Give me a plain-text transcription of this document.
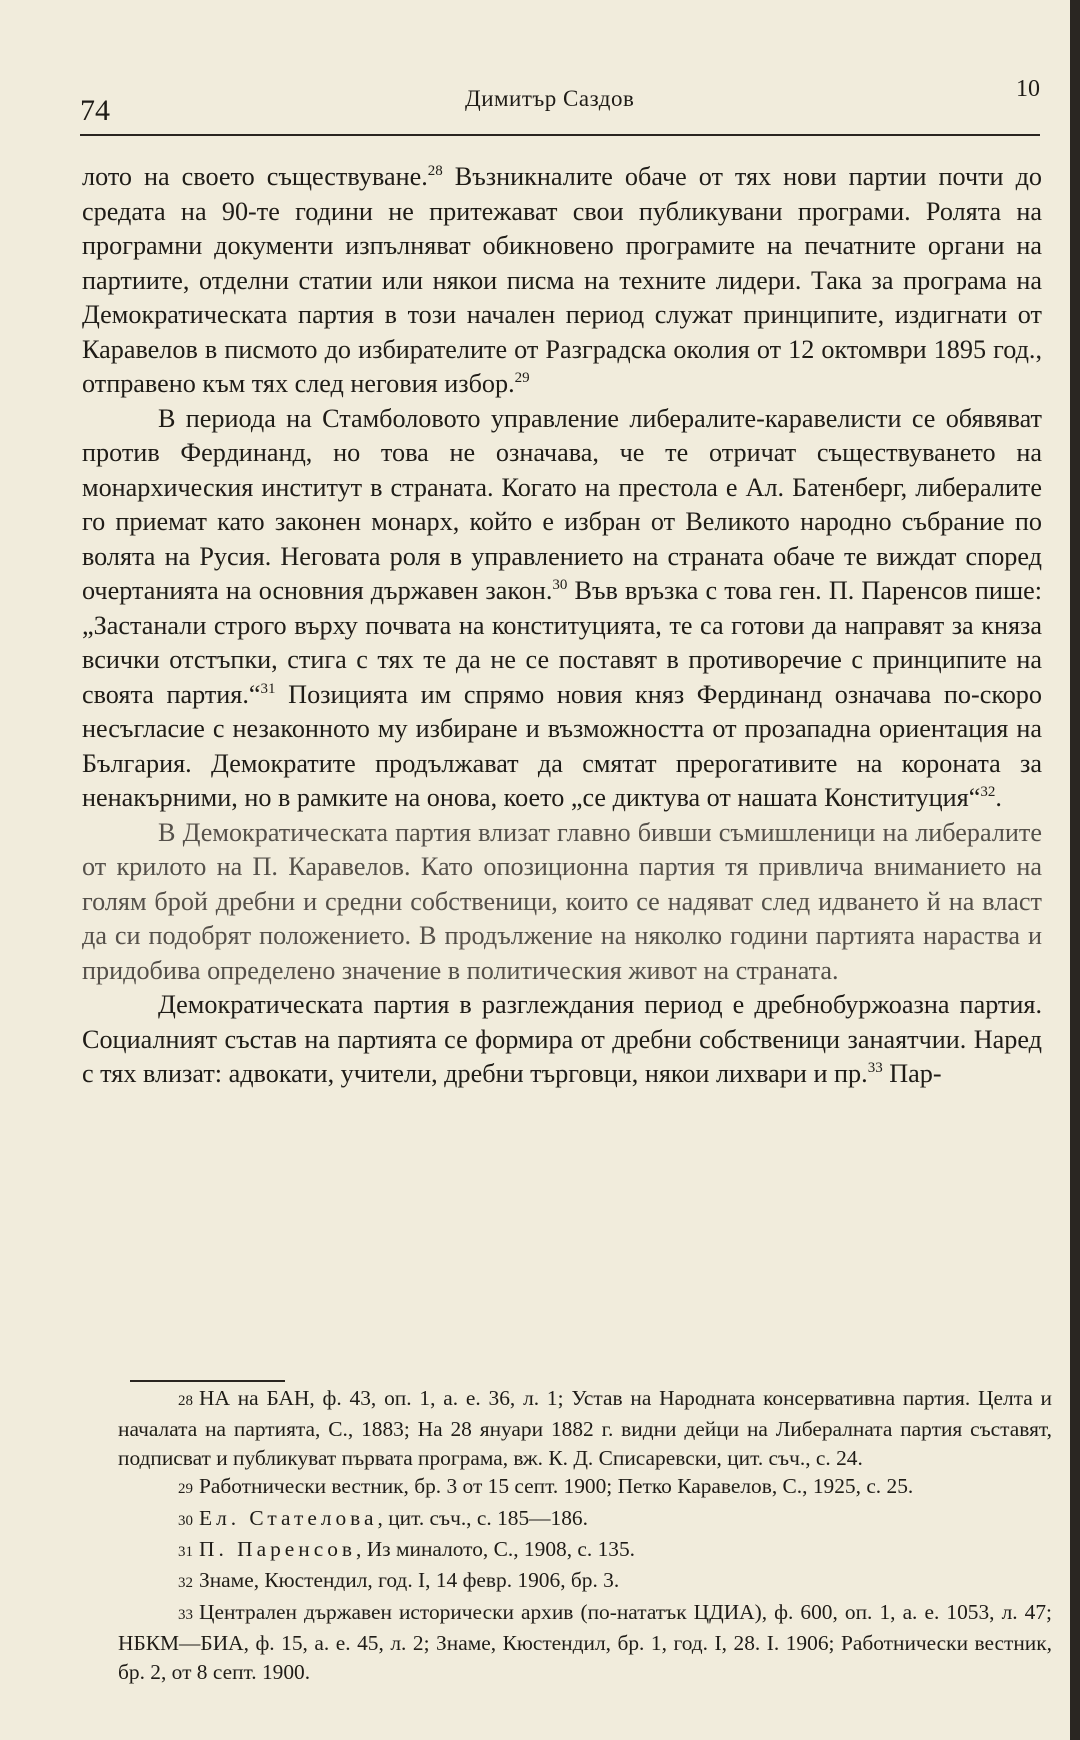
74	Димитър Саздов	10

лото на своето съществуване.$^{28}$ Възникналите обаче от тях нови партии почти до средата на 90-те години не притежават свои публикувани програми. Ролята на програмни документи изпълняват обикновено програмите на печатните органи на партиите, отделни статии или някои писма на техните лидери. Така за програма на Демократическата партия в този начален период служат принципите, издигнати от Каравелов в писмото до избирателите от Разградска околия от 12 октомври 1895 год., отправено към тях след неговия избор.$^{29}$

В периода на Стамболовото управление либералите-каравелисти се обявяват против Фердинанд, но това не означава, че те отричат съществуването на монархическия институт в страната. Когато на престола е Ал. Батенберг, либералите го приемат като законен монарх, който е избран от Великото народно събрание по волята на Русия. Неговата роля в управлението на страната обаче те виждат според очертанията на основния държавен закон.$^{30}$ Във връзка с това ген. П. Паренсов пише: „Застанали строго върху почвата на конституцията, те са готови да направят за княза всички отстъпки, стига с тях те да не се поставят в противоречие с принципите на своята партия.“$^{31}$ Позицията им спрямо новия княз Фердинанд означава по-скоро несъгласие с незаконното му избиране и възможността от прозападна ориентация на България. Демократите продължават да смятат прерогативите на короната за ненакърними, но в рамките на онова, което „се диктува от нашата Конституция“$^{32}$.

В Демократическата партия влизат главно бивши съмишленици на либералите от крилото на П. Каравелов. Като опозиционна партия тя привлича вниманието на голям брой дребни и средни собственици, които се надяват след идването й на власт да си подобрят положението. В продължение на няколко години партията нараства и придобива определено значение в политическия живот на страната.

Демократическата партия в разглеждания период е дребнобуржоазна партия. Социалният състав на партията се формира от дребни собственици занаятчии. Наред с тях влизат: адвокати, учители, дребни търговци, някои лихвари и пр.$^{33}$ Пар-

28 НА на БАН, ф. 43, оп. 1, а. е. 36, л. 1; Устав на Народната консервативна партия. Целта и началата на партията, С., 1883; На 28 януари 1882 г. видни дейци на Либералната партия съставят, подписват и публикуват първата програма, вж. К. Д. Списаревски, цит. съч., с. 24.

29 Работнически вестник, бр. 3 от 15 септ. 1900; Петко Каравелов, С., 1925, с. 25.

30 Ел. Стателова, цит. съч., с. 185—186.

31 П. Паренсов, Из миналото, С., 1908, с. 135.

32 Знаме, Кюстендил, год. I, 14 февр. 1906, бр. 3.

33 Централен държавен исторически архив (по-нататък ЦДИА), ф. 600, оп. 1, а. е. 1053, л. 47; НБКМ—БИА, ф. 15, а. е. 45, л. 2; Знаме, Кюстендил, бр. 1, год. I, 28. I. 1906; Работнически вестник, бр. 2, от 8 септ. 1900.
